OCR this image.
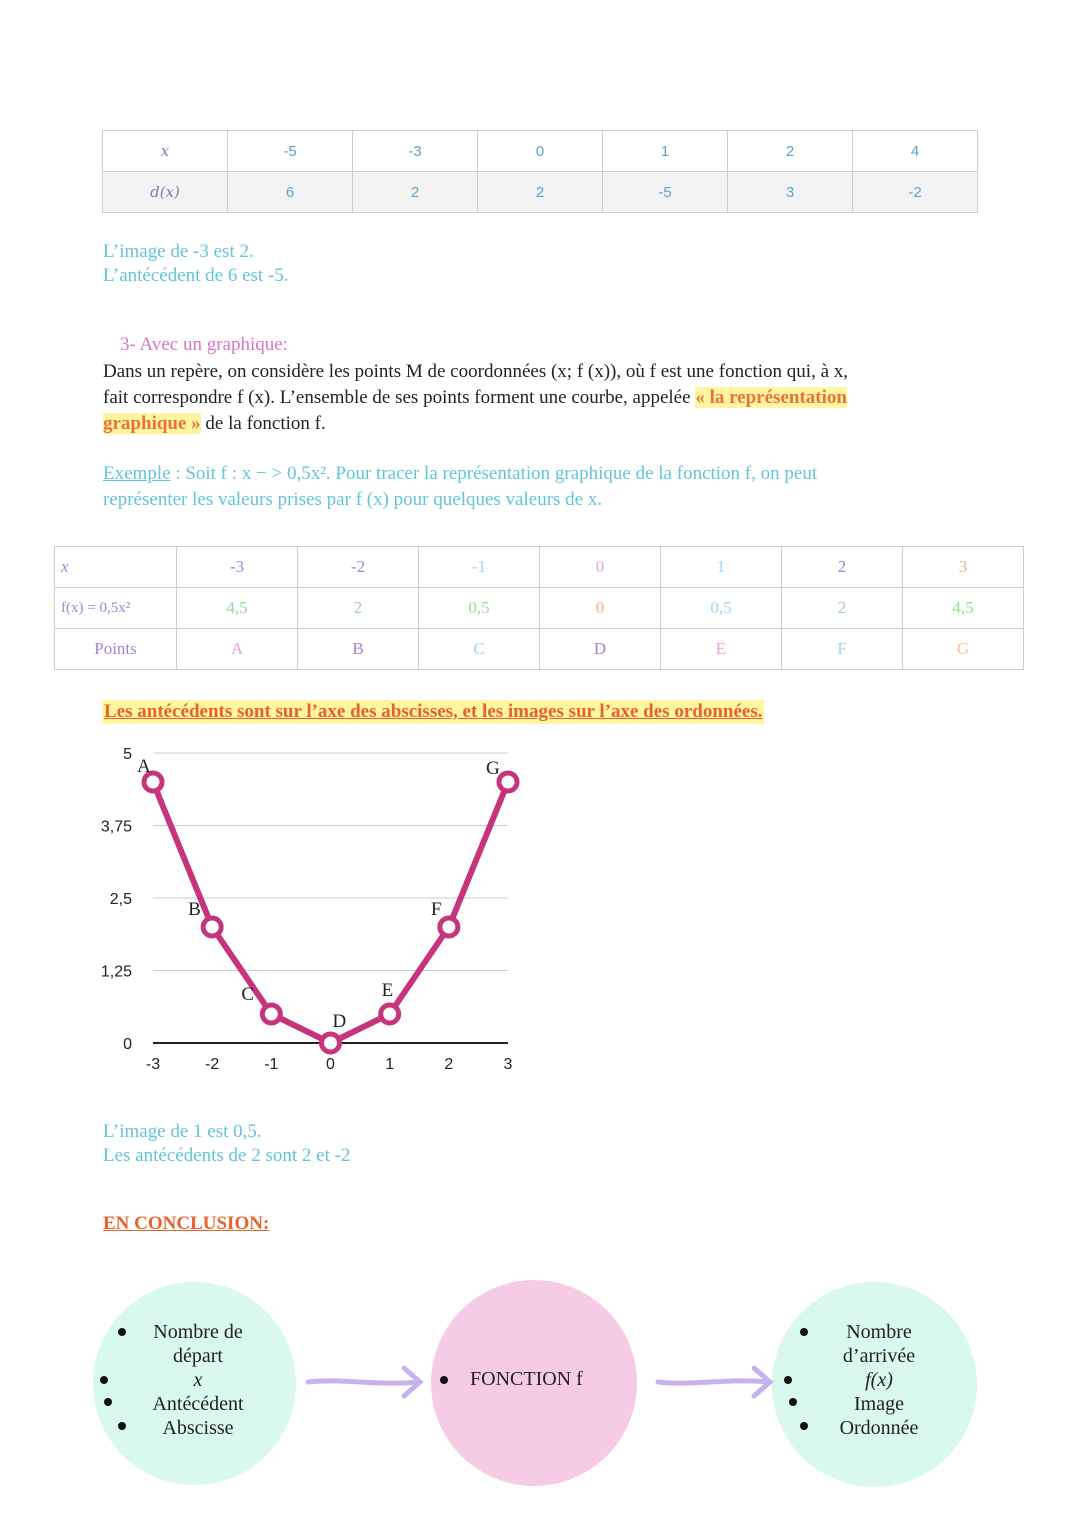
x	-5	-3	0	1	2	4
d(x)	6	2	2	-5	3	-2
L’image de -3 est 2.
L’antécédent de 6 est -5.
3- Avec un graphique:
Dans un repère, on considère les points M de coordonnées (x; f (x)), où f est une fonction qui, à x,
fait correspondre f (x). L’ensemble de ses points forment une courbe, appelée « la représentation
graphique » de la fonction f.
Exemple : Soit f : x − > 0,5x². Pour tracer la représentation graphique de la fonction f, on peut
représenter les valeurs prises par f (x) pour quelques valeurs de x.
x	-3	-2	-1	0	1	2	3
f(x) = 0,5x²	4,5	2	0,5	0	0,5	2	4,5
Points	A	B	C	D	E	F	G
Les antécédents sont sur l’axe des abscisses, et les images sur l’axe des ordonnées.
0
1,25
2,5
3,75
5
-3	-2	-1	0	1	2	3
A
B
C
D
E
F
G
L’image de 1 est 0,5.
Les antécédents de 2 sont 2 et -2
EN CONCLUSION:
Nombre de départ
x
Antécédent
Abscisse
FONCTION f
Nombre d’arrivée
f(x)
Image
Ordonnée
